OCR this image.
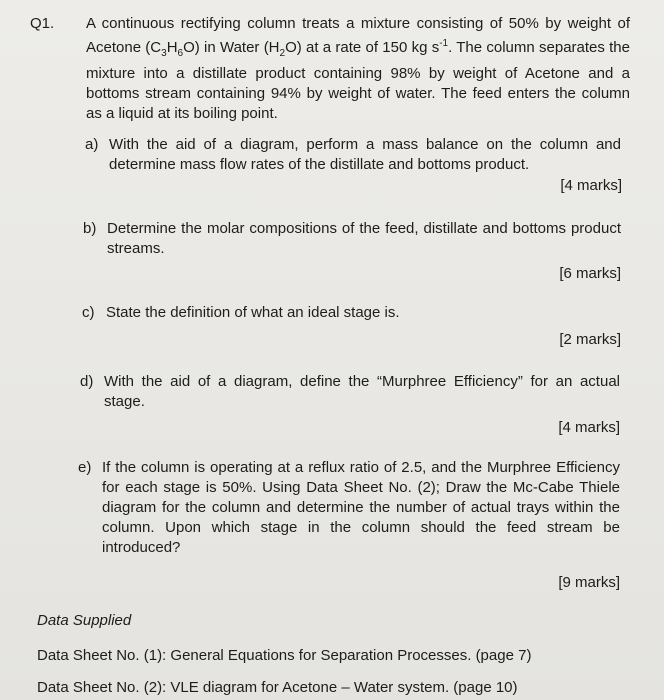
Q1.	A continuous rectifying column treats a mixture consisting of 50% by weight of Acetone $(C_3H_6O)$ in Water $(H_2O)$ at a rate of 150 kg $s^{-1}$. The column separates the mixture into a distillate product containing 98% by weight of Acetone and a bottoms stream containing 94% by weight of water. The feed enters the column as a liquid at its boiling point.
a) With the aid of a diagram, perform a mass balance on the column and determine mass flow rates of the distillate and bottoms product.
[4 marks]
b) Determine the molar compositions of the feed, distillate and bottoms product streams.
[6 marks]
c) State the definition of what an ideal stage is.
[2 marks]
d) With the aid of a diagram, define the “Murphree Efficiency” for an actual stage.
[4 marks]
e) If the column is operating at a reflux ratio of 2.5, and the Murphree Efficiency for each stage is 50%. Using Data Sheet No. (2); Draw the Mc-Cabe Thiele diagram for the column and determine the number of actual trays within the column. Upon which stage in the column should the feed stream be introduced?
[9 marks]
Data Supplied
Data Sheet No. (1): General Equations for Separation Processes. (page 7)
Data Sheet No. (2): VLE diagram for Acetone – Water system. (page 10)
